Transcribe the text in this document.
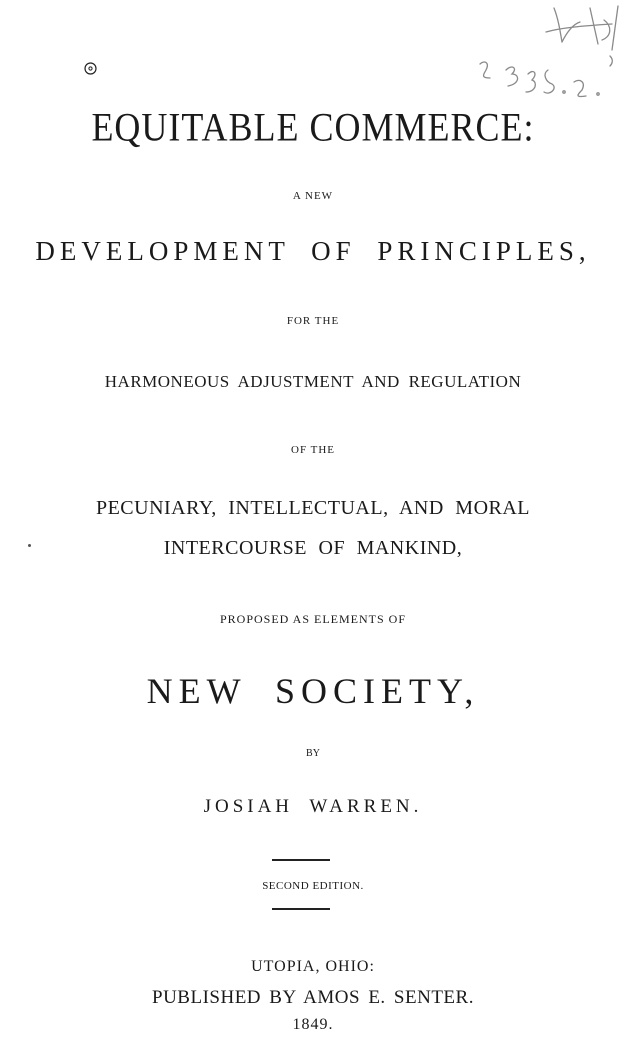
EQUITABLE COMMERCE:
A NEW
DEVELOPMENT OF PRINCIPLES,
FOR THE
HARMONEOUS ADJUSTMENT AND REGULATION
OF THE
PECUNIARY, INTELLECTUAL, AND MORAL
INTERCOURSE OF MANKIND,
PROPOSED AS ELEMENTS OF
NEW SOCIETY,
BY
JOSIAH WARREN.
SECOND EDITION.
UTOPIA, OHIO:
PUBLISHED BY AMOS E. SENTER.
1849.
